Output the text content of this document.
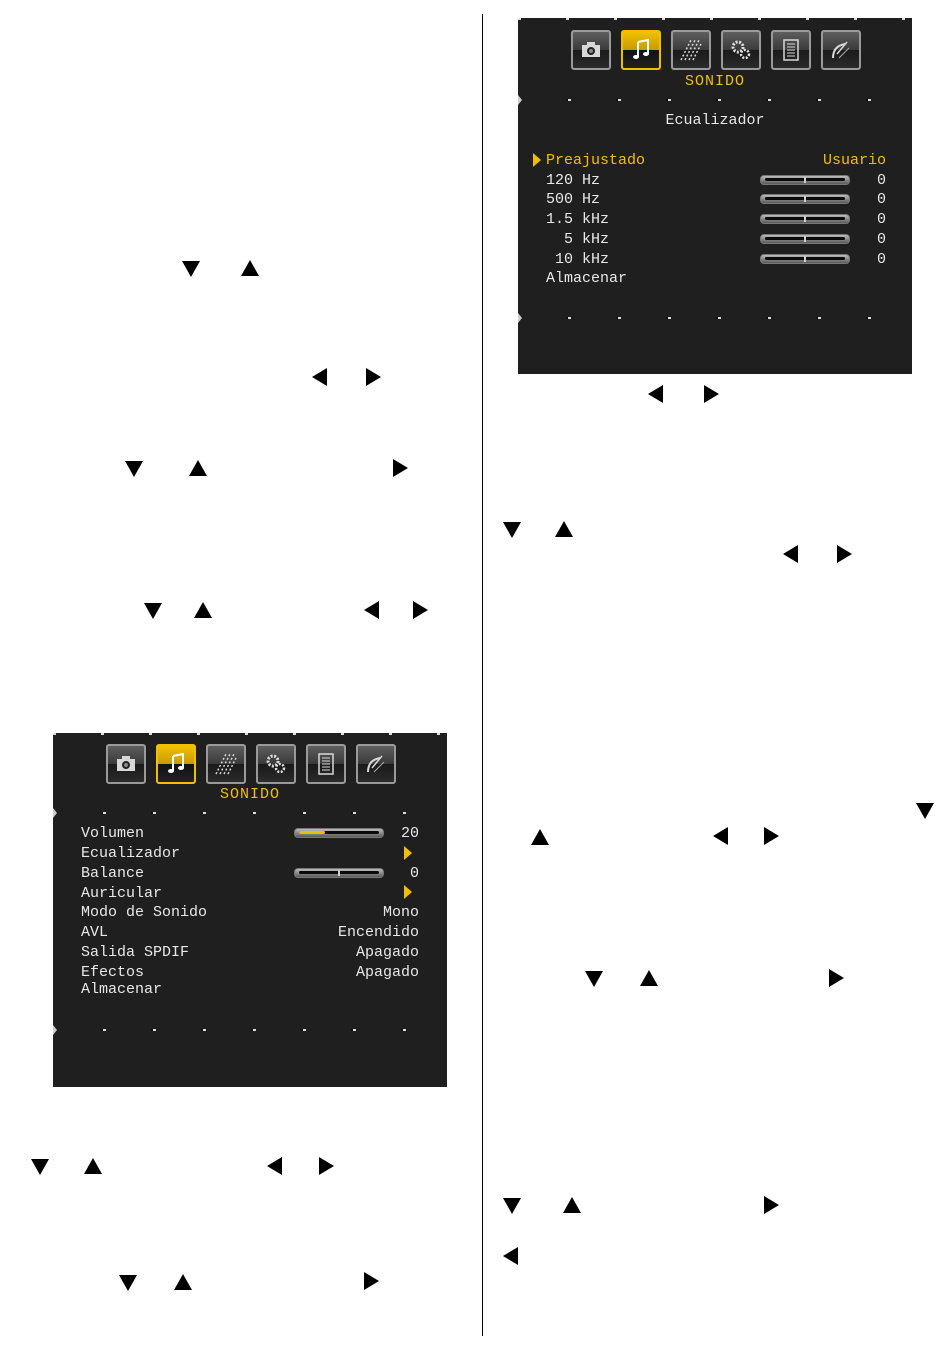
SONIDO
Ecualizador
Preajustado	Usuario
120 Hz	0
500 Hz	0
1.5 kHz	0
5 kHz	0
10 kHz	0
Almacenar
SONIDO
Volumen	20
Ecualizador
Balance	0
Auricular
Modo de Sonido	Mono
AVL	Encendido
Salida SPDIF	Apagado
Efectos	Apagado
Almacenar
